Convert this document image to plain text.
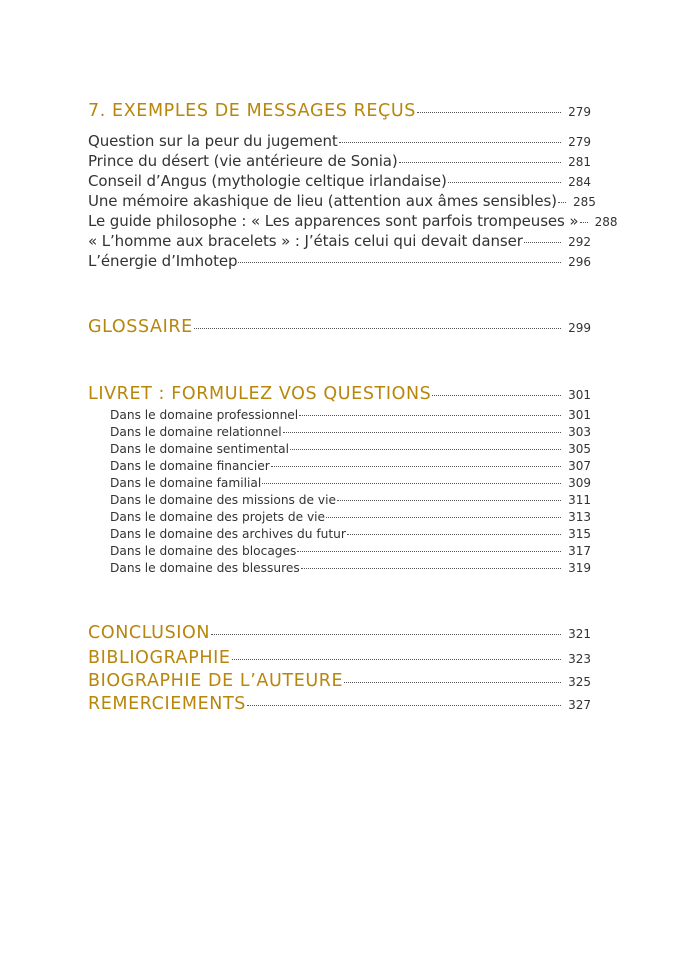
7. EXEMPLES DE MESSAGES REÇUS	279
Question sur la peur du jugement	279
Prince du désert (vie antérieure de Sonia)	281
Conseil d’Angus (mythologie celtique irlandaise)	284
Une mémoire akashique de lieu (attention aux âmes sensibles)	285
Le guide philosophe : « Les apparences sont parfois trompeuses »	288
« L’homme aux bracelets » : J’étais celui qui devait danser	292
L’énergie d’Imhotep	296
GLOSSAIRE	299
LIVRET : FORMULEZ VOS QUESTIONS	301
Dans le domaine professionnel	301
Dans le domaine relationnel	303
Dans le domaine sentimental	305
Dans le domaine financier	307
Dans le domaine familial	309
Dans le domaine des missions de vie	311
Dans le domaine des projets de vie	313
Dans le domaine des archives du futur	315
Dans le domaine des blocages	317
Dans le domaine des blessures	319
CONCLUSION	321
BIBLIOGRAPHIE	323
BIOGRAPHIE DE L’AUTEURE	325
REMERCIEMENTS	327
